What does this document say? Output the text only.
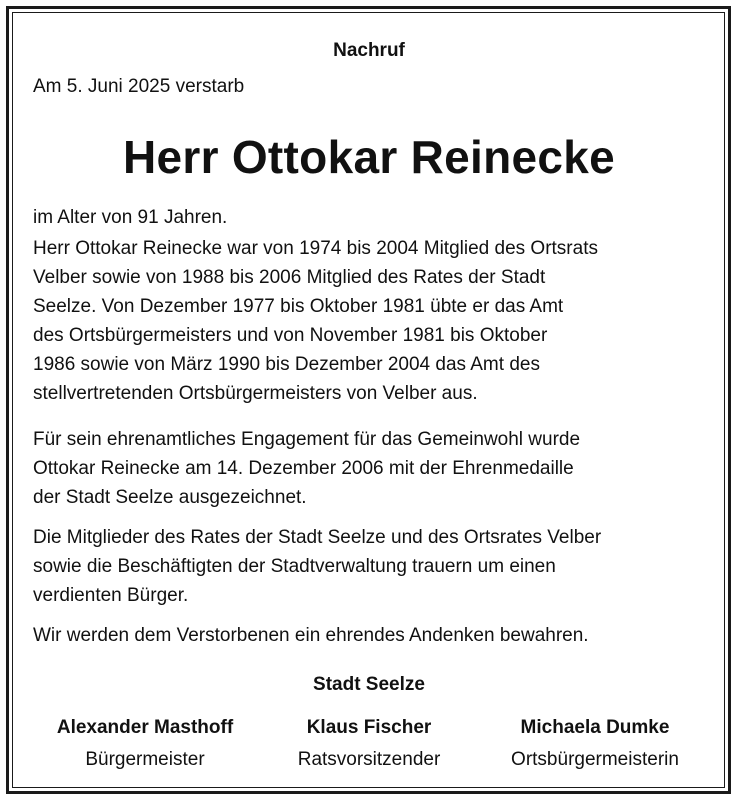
Nachruf
Am 5. Juni 2025 verstarb
Herr Ottokar Reinecke

im Alter von 91 Jahren.

Herr Ottokar Reinecke war von 1974 bis 2004 Mitglied des Ortsrats

Velber sowie von 1988 bis 2006 Mitglied des Rates der Stadt

Seelze. Von Dezember 1977 bis Oktober 1981 übte er das Amt

des Ortsbürgermeisters und von November 1981 bis Oktober

1986 sowie von März 1990 bis Dezember 2004 das Amt des

stellvertretenden Ortsbürgermeisters von Velber aus.

Für sein ehrenamtliches Engagement für das Gemeinwohl wurde

Ottokar Reinecke am 14. Dezember 2006 mit der Ehrenmedaille

der Stadt Seelze ausgezeichnet.

Die Mitglieder des Rates der Stadt Seelze und des Ortsrates Velber

sowie die Beschäftigten der Stadtverwaltung trauern um einen

verdienten Bürger.

Wir werden dem Verstorbenen ein ehrendes Andenken bewahren.

Stadt Seelze
Alexander Masthoff
Bürgermeister
Klaus Fischer
Ratsvorsitzender
Michaela Dumke
Ortsbürgermeisterin
